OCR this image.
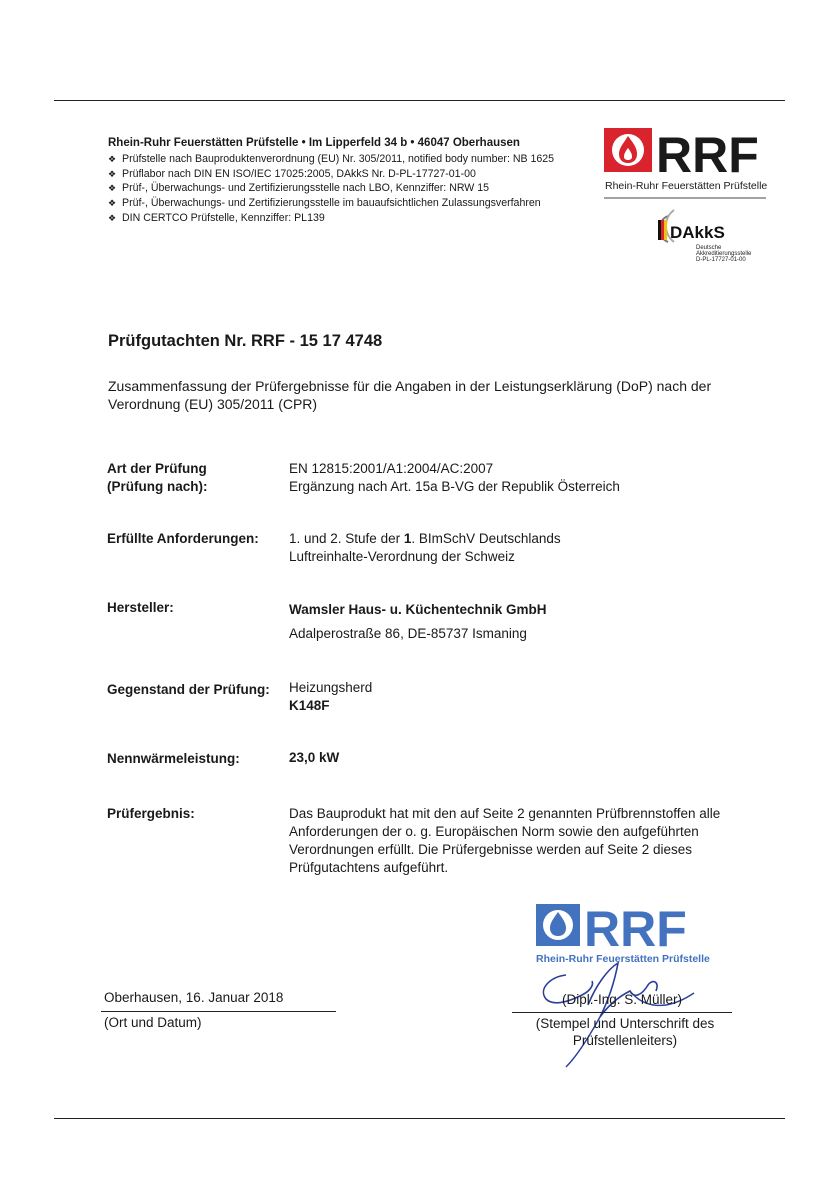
Rhein-Ruhr Feuerstätten Prüfstelle • Im Lipperfeld 34 b • 46047 Oberhausen
❖ Prüfstelle nach Bauproduktenverordnung (EU) Nr. 305/2011, notified body number: NB 1625
❖ Prüflabor nach DIN EN ISO/IEC 17025:2005, DAkkS Nr. D-PL-17727-01-00
❖ Prüf-, Überwachungs- und Zertifizierungsstelle nach LBO, Kennziffer: NRW 15
❖ Prüf-, Überwachungs- und Zertifizierungsstelle im bauaufsichtlichen Zulassungsverfahren
❖ DIN CERTCO Prüfstelle, Kennziffer: PL139
RRF
Rhein-Ruhr Feuerstätten Prüfstelle
DAkkS
Deutsche
Akkreditierungsstelle
D-PL-17727-01-00
Prüfgutachten Nr. RRF - 15 17 4748
Zusammenfassung der Prüfergebnisse für die Angaben in der Leistungserklärung (DoP) nach der Verordnung (EU) 305/2011 (CPR)
Art der Prüfung
(Prüfung nach):
EN 12815:2001/A1:2004/AC:2007
Ergänzung nach Art. 15a B-VG der Republik Österreich
Erfüllte Anforderungen: 1. und 2. Stufe der 1. BImSchV Deutschlands
Luftreinhalte-Verordnung der Schweiz
Hersteller:	Wamsler Haus- u. Küchentechnik GmbH
Adalperostraße 86, DE-85737 Ismaning
Gegenstand der Prüfung: Heizungsherd
K148F
Nennwärmeleistung:	23,0 kW
Prüfergebnis:	Das Bauprodukt hat mit den auf Seite 2 genannten Prüfbrennstoffen alle
Anforderungen der o. g. Europäischen Norm sowie den aufgeführten
Verordnungen erfüllt. Die Prüfergebnisse werden auf Seite 2 dieses
Prüfgutachtens aufgeführt.
RRF
Rhein-Ruhr Feuerstätten Prüfstelle
Oberhausen, 16. Januar 2018
(Ort und Datum)
(Dipl.-Ing. S. Müller)
(Stempel und Unterschrift des
Prüfstellenleiters)
